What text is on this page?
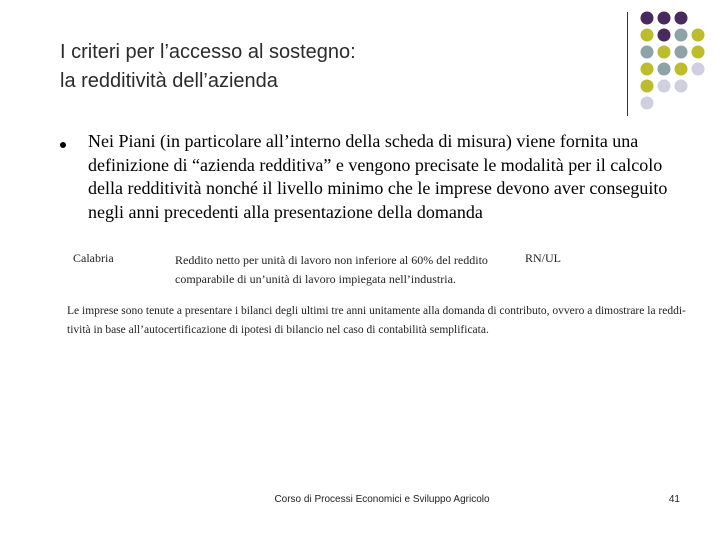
I criteri per l’accesso al sostegno:
la redditività dell’azienda
Nei Piani (in particolare all’interno della scheda di misura) viene fornita una definizione di “azienda redditiva” e vengono precisate le modalità per il calcolo della redditività nonché il livello minimo che le imprese devono aver conseguito negli anni precedenti alla presentazione della domanda
Calabria	Reddito netto per unità di lavoro non inferiore al 60% del reddito
comparabile di un’unità di lavoro impiegata nell’industria.
RN/UL
Le imprese sono tenute a presentare i bilanci degli ultimi tre anni unitamente alla domanda di contributo, ovvero a dimostrare la reddi-
tività in base all’autocertificazione di ipotesi di bilancio nel caso di contabilità semplificata.
Corso di Processi Economici e Sviluppo Agricolo	41
